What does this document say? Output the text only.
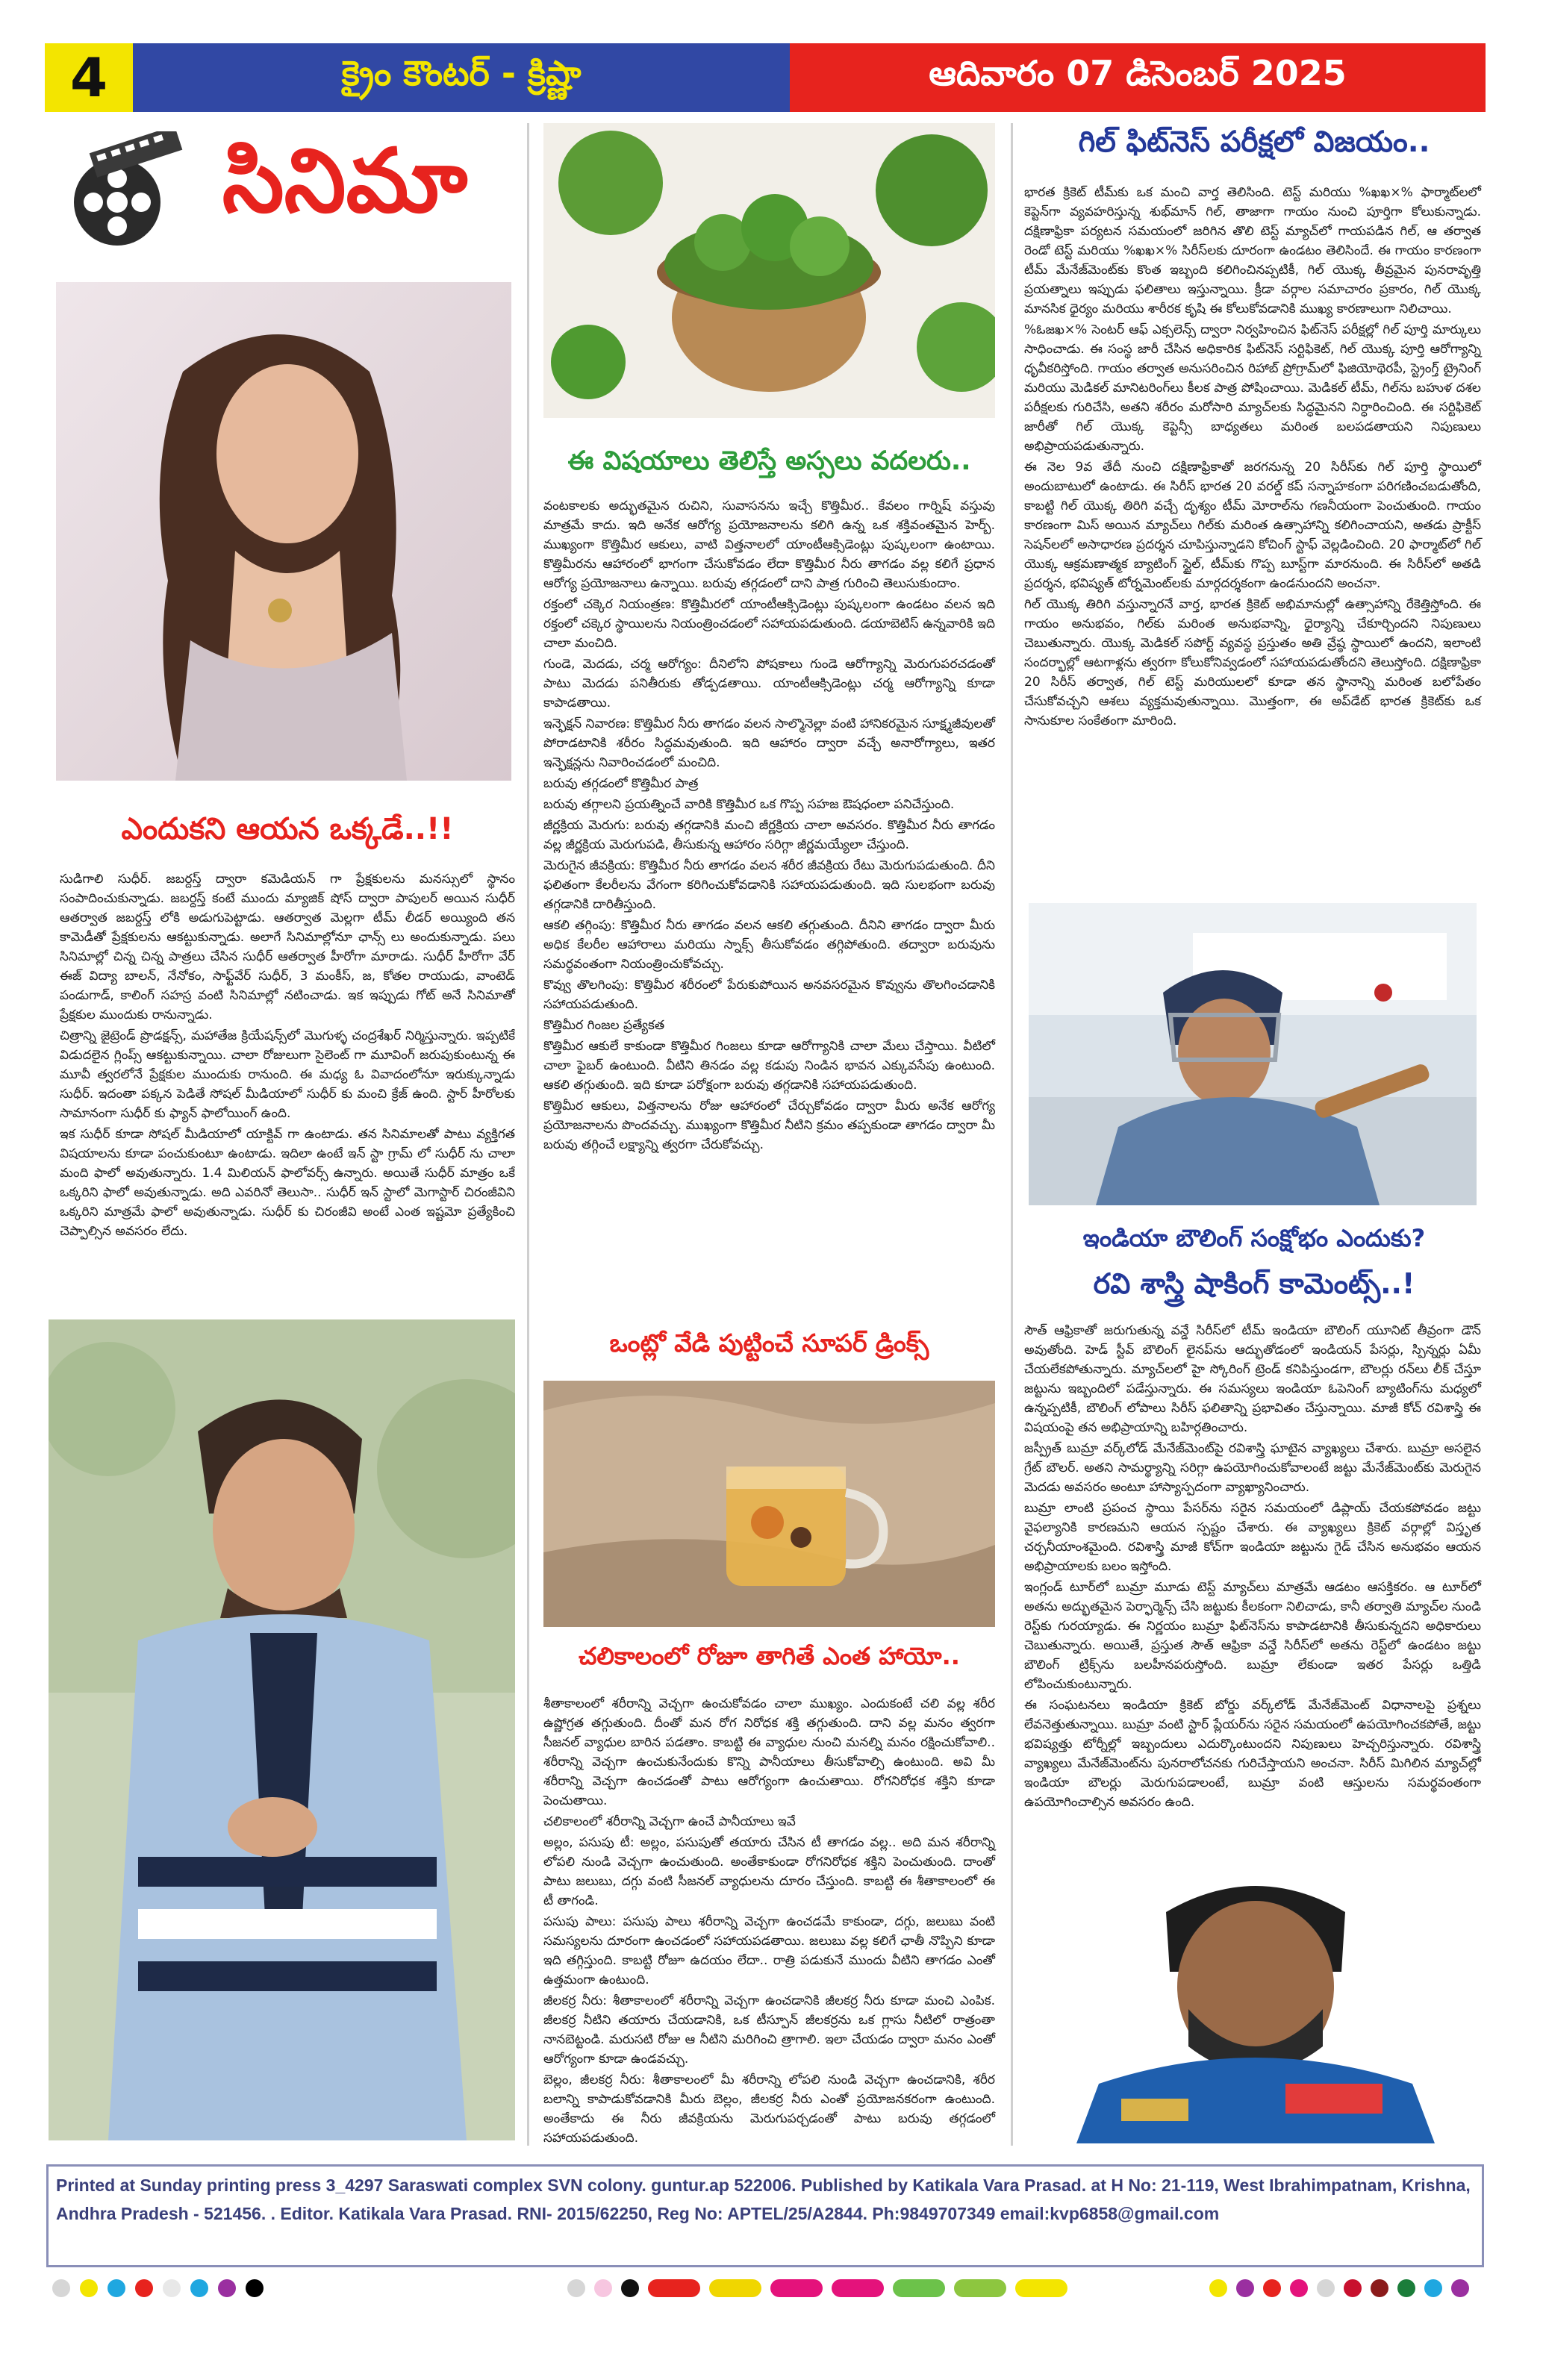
4	క్రైం కౌంటర్ - క్రిష్ణా	ఆదివారం 07 డిసెంబర్ 2025
సినిమా
ఎందుకని ఆయన ఒక్కడే..!!

సుడిగాలి సుధీర్. జబర్దస్త్ ద్వారా కమెడియన్ గా ప్రేక్షకులను మనస్సులో స్థానం సంపాదించుకున్నాడు. జబర్దస్త్ కంటే ముందు మ్యాజిక్ షోస్ ద్వారా పాపులర్ అయిన సుధీర్ ఆతర్వాత జబర్దస్త్ లోకి అడుగుపెట్టాడు. ఆతర్వాత మెల్లగా టీమ్ లీడర్ అయ్యింది తన కామెడీతో ప్రేక్షకులను ఆకట్టుకున్నాడు. అలాగే సినిమాల్లోనూ ఛాన్స్ లు అందుకున్నాడు. పలు సినిమాల్లో చిన్న చిన్న పాత్రలు చేసిన సుధీర్ ఆతర్వాత హీరోగా మారాడు. సుధీర్ హీరోగా వేర్ ఈజ్ విద్యా బాలన్, నేనోకం, సాఫ్ట్‌వేర్ సుధీర్, 3 మంకీస్, జ, కోతల రాయుడు, వాంటెడ్ పండుగాడ్, కాలింగ్ సహస్ర వంటి సినిమాల్లో నటించాడు. ఇక ఇప్పుడు గోట్ అనే సినిమాతో ప్రేక్షకుల ముందుకు రానున్నాడు.

చిత్రాన్ని జైట్రెండ్ ప్రొడక్షన్స్, మహాతేజ క్రియేషన్స్‌లో మొగుళ్ళ చంద్రశేఖర్ నిర్మిస్తున్నారు. ఇప్పటికే విడుదలైన గ్లింప్స్ ఆకట్టుకున్నాయి. చాలా రోజులుగా సైలెంట్ గా మూవింగ్ జరుపుకుంటున్న ఈ మూవీ త్వరలోనే ప్రేక్షకుల ముందుకు రానుంది. ఈ మధ్య ఓ వివాదంలోనూ ఇరుక్కున్నాడు సుధీర్. ఇదంతా పక్కన పెడితే సోషల్ మీడియాలో సుధీర్ కు మంచి క్రేజ్ ఉంది. స్టార్ హీరోలకు సామానంగా సుధీర్ కు ఫ్యాన్ ఫాలోయింగ్ ఉంది.

ఇక సుధీర్ కూడా సోషల్ మీడియాలో యాక్టివ్ గా ఉంటాడు. తన సినిమాలతో పాటు వ్యక్తిగత విషయాలను కూడా పంచుకుంటూ ఉంటాడు. ఇదిలా ఉంటే ఇన్ స్టా గ్రామ్ లో సుధీర్ ను చాలా మంది ఫాలో అవుతున్నారు. 1.4 మిలియన్ ఫాలోవర్స్ ఉన్నారు. అయితే సుధీర్ మాత్రం ఒకే ఒక్కరిని ఫాలో అవుతున్నాడు. అది ఎవరినో తెలుసా.. సుధీర్ ఇన్ స్టాలో మెగాస్టార్ చిరంజీవిని ఒక్కరిని మాత్రమే ఫాలో అవుతున్నాడు. సుధీర్ కు చిరంజీవి అంటే ఎంత ఇష్టమో ప్రత్యేకించి చెప్పాల్సిన అవసరం లేదు.

ఈ విషయాలు తెలిస్తే అస్సలు వదలరు..

వంటకాలకు అద్భుతమైన రుచిని, సువాసనను ఇచ్చే కొత్తిమీర.. కేవలం గార్నిష్ వస్తువు మాత్రమే కాదు. ఇది అనేక ఆరోగ్య ప్రయోజనాలను కలిగి ఉన్న ఒక శక్తివంతమైన హెర్బ్. ముఖ్యంగా కొత్తిమీర ఆకులు, వాటి విత్తనాలలో యాంటీఆక్సిడెంట్లు పుష్కలంగా ఉంటాయి. కొత్తిమీరను ఆహారంలో భాగంగా చేసుకోవడం లేదా కొత్తిమీర నీరు తాగడం వల్ల కలిగే ప్రధాన ఆరోగ్య ప్రయోజనాలు ఉన్నాయి. బరువు తగ్గడంలో దాని పాత్ర గురించి తెలుసుకుందాం.

రక్తంలో చక్కెర నియంత్రణ: కొత్తిమీరలో యాంటీఆక్సిడెంట్లు పుష్కలంగా ఉండటం వలన ఇది రక్తంలో చక్కెర స్థాయిలను నియంత్రించడంలో సహాయపడుతుంది. డయాబెటిస్ ఉన్నవారికి ఇది చాలా మంచిది.

గుండె, మెదడు, చర్మ ఆరోగ్యం: దీనిలోని పోషకాలు గుండె ఆరోగ్యాన్ని మెరుగుపరచడంతో పాటు మెదడు పనితీరుకు తోడ్పడతాయి. యాంటీఆక్సిడెంట్లు చర్మ ఆరోగ్యాన్ని కూడా కాపాడతాయి.

ఇన్ఫెక్షన్ నివారణ: కొత్తిమీర నీరు తాగడం వలన సాల్మొనెల్లా వంటి హానికరమైన సూక్ష్మజీవులతో పోరాడటానికి శరీరం సిద్ధమవుతుంది. ఇది ఆహారం ద్వారా వచ్చే అనారోగ్యాలు, ఇతర ఇన్ఫెక్షన్లను నివారించడంలో మంచిది.

బరువు తగ్గడంలో కొత్తిమీర పాత్ర

బరువు తగ్గాలని ప్రయత్నించే వారికి కొత్తిమీర ఒక గొప్ప సహజ ఔషధంలా పనిచేస్తుంది.

జీర్ణక్రియ మెరుగు: బరువు తగ్గడానికి మంచి జీర్ణక్రియ చాలా అవసరం. కొత్తిమీర నీరు తాగడం వల్ల జీర్ణక్రియ మెరుగుపడి, తీసుకున్న ఆహారం సరిగ్గా జీర్ణమయ్యేలా చేస్తుంది.

మెరుగైన జీవక్రియ: కొత్తిమీర నీరు తాగడం వలన శరీర జీవక్రియ రేటు మెరుగుపడుతుంది. దీని ఫలితంగా కేలరీలను వేగంగా కరిగించుకోవడానికి సహాయపడుతుంది. ఇది సులభంగా బరువు తగ్గడానికి దారితీస్తుంది.

ఆకలి తగ్గింపు: కొత్తిమీర నీరు తాగడం వలన ఆకలి తగ్గుతుంది. దీనిని తాగడం ద్వారా మీరు అధిక కేలరీల ఆహారాలు మరియు స్నాక్స్ తీసుకోవడం తగ్గిపోతుంది. తద్వారా బరువును సమర్థవంతంగా నియంత్రించుకోవచ్చు.

కొవ్వు తొలగింపు: కొత్తిమీర శరీరంలో పేరుకుపోయిన అనవసరమైన కొవ్వును తొలగించడానికి సహాయపడుతుంది.

కొత్తిమీర గింజల ప్రత్యేకత

కొత్తిమీర ఆకులే కాకుండా కొత్తిమీర గింజలు కూడా ఆరోగ్యానికి చాలా మేలు చేస్తాయి. వీటిలో చాలా ఫైబర్ ఉంటుంది. వీటిని తినడం వల్ల కడుపు నిండిన భావన ఎక్కువసేపు ఉంటుంది. ఆకలి తగ్గుతుంది. ఇది కూడా పరోక్షంగా బరువు తగ్గడానికి సహాయపడుతుంది.

కొత్తిమీర ఆకులు, విత్తనాలను రోజు ఆహారంలో చేర్చుకోవడం ద్వారా మీరు అనేక ఆరోగ్య ప్రయోజనాలను పొందవచ్చు. ముఖ్యంగా కొత్తిమీర నీటిని క్రమం తప్పకుండా తాగడం ద్వారా మీ బరువు తగ్గించే లక్ష్యాన్ని త్వరగా చేరుకోవచ్చు.

ఒంట్లో వేడి పుట్టించే సూపర్ డ్రింక్స్
చలికాలంలో రోజూ తాగితే ఎంత హాయో..

శీతాకాలంలో శరీరాన్ని వెచ్చగా ఉంచుకోవడం చాలా ముఖ్యం. ఎందుకంటే చలి వల్ల శరీర ఉష్ణోగ్రత తగ్గుతుంది. దీంతో మన రోగ నిరోధక శక్తి తగ్గుతుంది. దాని వల్ల మనం త్వరగా సీజనల్ వ్యాధుల బారిన పడతాం. కాబట్టి ఈ వ్యాధుల నుంచి మనల్ని మనం రక్షించుకోవాలి.. శరీరాన్ని వెచ్చగా ఉంచుకునేందుకు కొన్ని పానీయాలు తీసుకోవాల్సి ఉంటుంది. అవి మీ శరీరాన్ని వెచ్చగా ఉంచడంతో పాటు ఆరోగ్యంగా ఉంచుతాయి. రోగనిరోధక శక్తిని కూడా పెంచుతాయి.

చలికాలంలో శరీరాన్ని వెచ్చగా ఉంచే పానీయాలు ఇవే

అల్లం, పసుపు టీ: అల్లం, పసుపుతో తయారు చేసిన టీ తాగడం వల్ల.. అది మన శరీరాన్ని లోపలి నుండి వెచ్చగా ఉంచుతుంది. అంతేకాకుండా రోగనిరోధక శక్తిని పెంచుతుంది. దాంతో పాటు జలుబు, దగ్గు వంటి సీజనల్ వ్యాధులను దూరం చేస్తుంది. కాబట్టి ఈ శీతాకాలంలో ఈ టీ తాగండి.

పసుపు పాలు: పసుపు పాలు శరీరాన్ని వెచ్చగా ఉంచడమే కాకుండా, దగ్గు, జలుబు వంటి సమస్యలను దూరంగా ఉంచడంలో సహాయపడతాయి. జలుబు వల్ల కలిగే ఛాతీ నొప్పిని కూడా ఇది తగ్గిస్తుంది. కాబట్టి రోజూ ఉదయం లేదా.. రాత్రి పడుకునే ముందు వీటిని తాగడం ఎంతో ఉత్తమంగా ఉంటుంది.

జీలకర్ర నీరు: శీతాకాలంలో శరీరాన్ని వెచ్చగా ఉంచడానికి జీలకర్ర నీరు కూడా మంచి ఎంపిక. జీలకర్ర నీటిని తయారు చేయడానికి, ఒక టీస్పూన్ జీలకర్రను ఒక గ్లాసు నీటిలో రాత్రంతా నానబెట్టండి. మరుసటి రోజు ఆ నీటిని మరిగించి త్రాగాలి. ఇలా చేయడం ద్వారా మనం ఎంతో ఆరోగ్యంగా కూడా ఉండవచ్చు.

బెల్లం, జీలకర్ర నీరు: శీతాకాలంలో మీ శరీరాన్ని లోపలి నుండి వెచ్చగా ఉంచడానికి, శరీర బలాన్ని కాపాడుకోవడానికి మీరు బెల్లం, జీలకర్ర నీరు ఎంతో ప్రయోజనకరంగా ఉంటుంది. అంతేకాదు ఈ నీరు జీవక్రియను మెరుగుపర్చడంతో పాటు బరువు తగ్గడంలో సహాయపడుతుంది.

గిల్ ఫిట్‌నెస్ పరీక్షలో విజయం..

భారత క్రికెట్ టీమ్‌కు ఒక మంచి వార్త తెలిసింది. టెస్ట్ మరియు %ఖఖ×% ఫార్మాట్‌లలో కెప్టెన్‌గా వ్యవహరిస్తున్న శుభ్‌మాన్ గిల్, తాజాగా గాయం నుంచి పూర్తిగా కోలుకున్నాడు. దక్షిణాఫ్రికా పర్యటన సమయంలో జరిగిన తొలి టెస్ట్ మ్యాచ్‌లో గాయపడిన గిల్, ఆ తర్వాత రెండో టెస్ట్ మరియు %ఖఖ×% సిరీస్‌లకు దూరంగా ఉండటం తెలిసిందే. ఈ గాయం కారణంగా టీమ్ మేనేజ్‌మెంట్‌కు కొంత ఇబ్బంది కలిగించినప్పటికీ, గిల్ యొక్క తీవ్రమైన పునరావృత్తి ప్రయత్నాలు ఇప్పుడు ఫలితాలు ఇస్తున్నాయి. క్రీడా వర్గాల సమాచారం ప్రకారం, గిల్ యొక్క మానసిక ధైర్యం మరియు శారీరక కృషి ఈ కోలుకోవడానికి ముఖ్య కారణాలుగా నిలిచాయి.

%ఓజఖ×% సెంటర్ ఆఫ్ ఎక్సలెన్స్ ద్వారా నిర్వహించిన ఫిట్‌నెస్ పరీక్షల్లో గిల్ పూర్తి మార్కులు సాధించాడు. ఈ సంస్థ జారీ చేసిన అధికారిక ఫిట్‌నెస్ సర్టిఫికెట్, గిల్ యొక్క పూర్తి ఆరోగ్యాన్ని ధృవీకరిస్తోంది. గాయం తర్వాత అనుసరించిన రిహాబ్ ప్రోగ్రామ్‌లో ఫిజియోథెరపీ, స్ట్రెంగ్త్ ట్రైనింగ్ మరియు మెడికల్ మానిటరింగ్‌లు కీలక పాత్ర పోషించాయి. మెడికల్ టీమ్, గిల్‌ను బహుళ దశల పరీక్షలకు గురిచేసి, అతని శరీరం మరోసారి మ్యాచ్‌లకు సిద్ధమైనని నిర్ధారించింది. ఈ సర్టిఫికెట్ జారీతో గిల్ యొక్క కెప్టెన్సీ బాధ్యతలు మరింత బలపడతాయని నిపుణులు అభిప్రాయపడుతున్నారు.

ఈ నెల 9వ తేదీ నుంచి దక్షిణాఫ్రికాతో జరగనున్న 20 సిరీస్‌కు గిల్ పూర్తి స్థాయిలో అందుబాటులో ఉంటాడు. ఈ సిరీస్ భారత 20 వరల్డ్ కప్ సన్నాహకంగా పరిగణించబడుతోంది, కాబట్టి గిల్ యొక్క తిరిగి వచ్చే దృశ్యం టీమ్ మోరాల్‌ను గణనీయంగా పెంచుతుంది. గాయం కారణంగా మిస్ అయిన మ్యాచ్‌లు గిల్‌కు మరింత ఉత్సాహాన్ని కలిగించాయని, అతడు ప్రాక్టీస్ సెషన్‌లలో అసాధారణ ప్రదర్శన చూపిస్తున్నాడని కోచింగ్ స్టాఫ్ వెల్లడించింది. 20 ఫార్మాట్‌లో గిల్ యొక్క ఆక్రమణాత్మక బ్యాటింగ్ స్టైల్, టీమ్‌కు గొప్ప బూస్ట్‌గా మారనుంది. ఈ సిరీస్‌లో అతడి ప్రదర్శన, భవిష్యత్ టోర్నమెంట్‌లకు మార్గదర్శకంగా ఉండనుందని అంచనా.

గిల్ యొక్క తిరిగి వస్తున్నారనే వార్త, భారత క్రికెట్ అభిమానుల్లో ఉత్సాహాన్ని రేకెత్తిస్తోంది. ఈ గాయం అనుభవం, గిల్‌కు మరింత అనుభవాన్ని, ధైర్యాన్ని చేకూర్చిందని నిపుణులు చెబుతున్నారు. యొక్క మెడికల్ సపోర్ట్ వ్యవస్థ ప్రస్తుతం అతి వ్రేష్ఠ స్థాయిలో ఉందని, ఇలాంటి సందర్భాల్లో ఆటగాళ్లను త్వరగా కోలుకోనివ్వడంలో సహాయపడుతోందని తెలుస్తోంది. దక్షిణాఫ్రికా 20 సిరీస్ తర్వాత, గిల్ టెస్ట్ మరియులలో కూడా తన స్థానాన్ని మరింత బలోపేతం చేసుకోవచ్చని ఆశలు వ్యక్తమవుతున్నాయి. మొత్తంగా, ఈ అప్‌డేట్ భారత క్రికెట్‌కు ఒక సానుకూల సంకేతంగా మారింది.

ఇండియా బౌలింగ్ సంక్షోభం ఎందుకు?
రవి శాస్త్రి షాకింగ్ కామెంట్స్..!

సౌత్ ఆఫ్రికాతో జరుగుతున్న వన్డే సిరీస్‌లో టీమ్ ఇండియా బౌలింగ్ యూనిట్ తీవ్రంగా డౌన్ అవుతోంది. హెడ్ స్టీవ్ బౌలింగ్ లైనప్‌ను ఆద్భుతోడంలో ఇండియన్ పేసర్లు, స్పిన్నర్లు ఏమీ చేయలేకపోతున్నారు. మ్యాచ్‌లలో హై స్కోరింగ్ ట్రెండ్ కనిపిస్తుండగా, బౌలర్లు రన్‌లు లీక్ చేస్తూ జట్టును ఇబ్బందిలో పడేస్తున్నారు. ఈ సమస్యలు ఇండియా ఓపెనింగ్ బ్యాటింగ్‌ను మధ్యలో ఉన్నప్పటికీ, బౌలింగ్ లోపాలు సిరీస్ ఫలితాన్ని ప్రభావితం చేస్తున్నాయి. మాజీ కోచ్ రవిశాస్త్రి ఈ విషయంపై తన అభిప్రాయాన్ని బహిర్గతించారు.

జస్ప్రీత్ బుమ్రా వర్క్‌లోడ్ మేనేజ్‌మెంట్‌పై రవిశాస్త్రి ఘాటైన వ్యాఖ్యలు చేశారు. బుమ్రా అసలైన గ్రేట్ బౌలర్. అతని సామర్థ్యాన్ని సరిగ్గా ఉపయోగించుకోవాలంటే జట్టు మేనేజ్‌మెంట్‌కు మెరుగైన మెదడు అవసరం అంటూ హాస్యాస్పదంగా వ్యాఖ్యానించారు.

బుమ్రా లాంటి ప్రపంచ స్థాయి పేసర్‌ను సరైన సమయంలో డిప్లాయ్ చేయకపోవడం జట్టు వైఫల్యానికి కారణమని ఆయన స్పష్టం చేశారు. ఈ వ్యాఖ్యలు క్రికెట్ వర్గాల్లో విస్తృత చర్చనీయాంశమైంది. రవిశాస్త్రి మాజీ కోచ్‌గా ఇండియా జట్టును గైడ్ చేసిన అనుభవం ఆయన అభిప్రాయాలకు బలం ఇస్తోంది.

ఇంగ్లండ్ టూర్‌లో బుమ్రా మూడు టెస్ట్ మ్యాచ్‌లు మాత్రమే ఆడటం ఆసక్తికరం. ఆ టూర్‌లో అతను అద్భుతమైన పెర్ఫార్మెన్స్ చేసి జట్టుకు కీలకంగా నిలిచాడు, కానీ తర్వాతి మ్యాచ్‌ల నుండి రెస్ట్‌కు గురయ్యాడు. ఈ నిర్ణయం బుమ్రా ఫిట్‌నెస్‌ను కాపాడటానికి తీసుకున్నదని అధికారులు చెబుతున్నారు. అయితే, ప్రస్తుత సౌత్ ఆఫ్రికా వన్డే సిరీస్‌లో అతను రెస్ట్‌లో ఉండటం జట్టు బౌలింగ్ ట్రిక్స్‌ను బలహీనపరుస్తోంది. బుమ్రా లేకుండా ఇతర పేసర్లు ఒత్తిడి లోపించుకుంటున్నారు.

ఈ సంఘటనలు ఇండియా క్రికెట్ బోర్డు వర్క్‌లోడ్ మేనేజ్‌మెంట్ విధానాలపై ప్రశ్నలు లేవనెత్తుతున్నాయి. బుమ్రా వంటి స్టార్ ప్లేయర్‌ను సరైన సమయంలో ఉపయోగించకపోతే, జట్టు భవిష్యత్తు టోర్నీల్లో ఇబ్బందులు ఎదుర్కొంటుందని నిపుణులు హెచ్చరిస్తున్నారు. రవిశాస్త్రి వ్యాఖ్యలు మేనేజ్‌మెంట్‌ను పునరాలోచనకు గురిచేస్తాయని అంచనా. సిరీస్ మిగిలిన మ్యాచ్‌ల్లో ఇండియా బౌలర్లు మెరుగుపడాలంటే, బుమ్రా వంటి ఆస్తులను సమర్థవంతంగా ఉపయోగించాల్సిన అవసరం ఉంది.

Printed at Sunday printing press 3_4297 Saraswati complex SVN colony. guntur.ap 522006. Published by Katikala Vara Prasad. at H No: 21-119, West Ibrahimpatnam, Krishna, Andhra Pradesh - 521456. . Editor. Katikala Vara Prasad. RNI- 2015/62250, Reg No: APTEL/25/A2844. Ph:9849707349 email:kvp6858@gmail.com
